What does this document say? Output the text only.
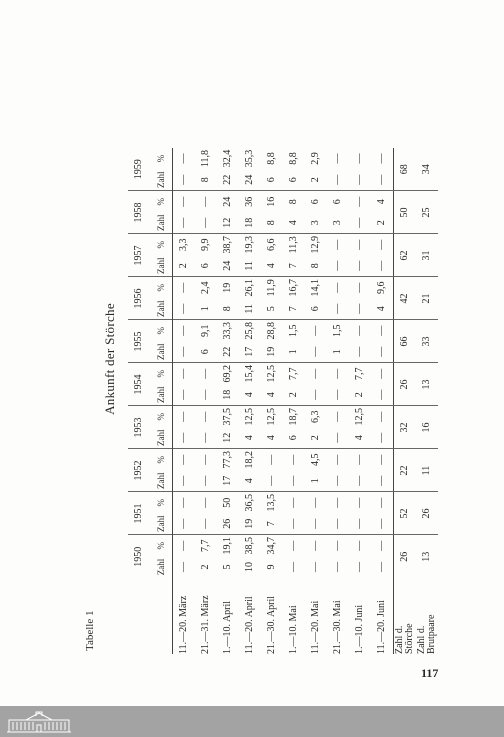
Tabelle 1
Ankunft der Störche
	1950		1951		1952		1953		1954		1955		1956		1957		1958		1959	
	Zahl	%	Zahl	%	Zahl	%	Zahl	%	Zahl	%	Zahl	%	Zahl	%	Zahl	%	Zahl	%	Zahl	%
11.—20. März	—	—	—	—	—	—	—	—	—	—	—	—	—	—	2	3,3	—	—	—	—
21.—31. März	2	7,7	—	—	—	—	—	—	—	—	6	9,1	1	2,4	6	9,9	—	—	8	11,8
1.—10. April	5	19,1	26	50	17	77,3	12	37,5	18	69,2	22	33,3	8	19	24	38,7	12	24	22	32,4
11.—20. April	10	38,5	19	36,5	4	18,2	4	12,5	4	15,4	17	25,8	11	26,1	11	19,3	18	36	24	35,3
21.—30. April	9	34,7	7	13,5	—	—	4	12,5	4	12,5	19	28,8	5	11,9	4	6,6	8	16	6	8,8
1.—10. Mai	—	—	—	—	—	—	6	18,7	2	7,7	1	1,5	7	16,7	7	11,3	4	8	6	8,8
11.—20. Mai	—	—	—	—	1	4,5	2	6,3	—	—	—	—	6	14,1	8	12,9	3	6	2	2,9
21.—30. Mai	—	—	—	—	—	—	—	—	—	—	1	1,5	—	—	—	—	3	6	—	—
1.—10. Juni	—	—	—	—	—	—	4	12,5	2	7,7	—	—	—	—	—	—	—	—	—	—
11.—20. Juni	—	—	—	—	—	—	—	—	—	—	—	—	4	9,6	—	—	2	4	—	—
Zahl d.
Störche	26		52		22		32		26		66		42		62		50		68	
Zahl d.
Brutpaare	13		26		11		16		13		33		21		31		25		34	
117
